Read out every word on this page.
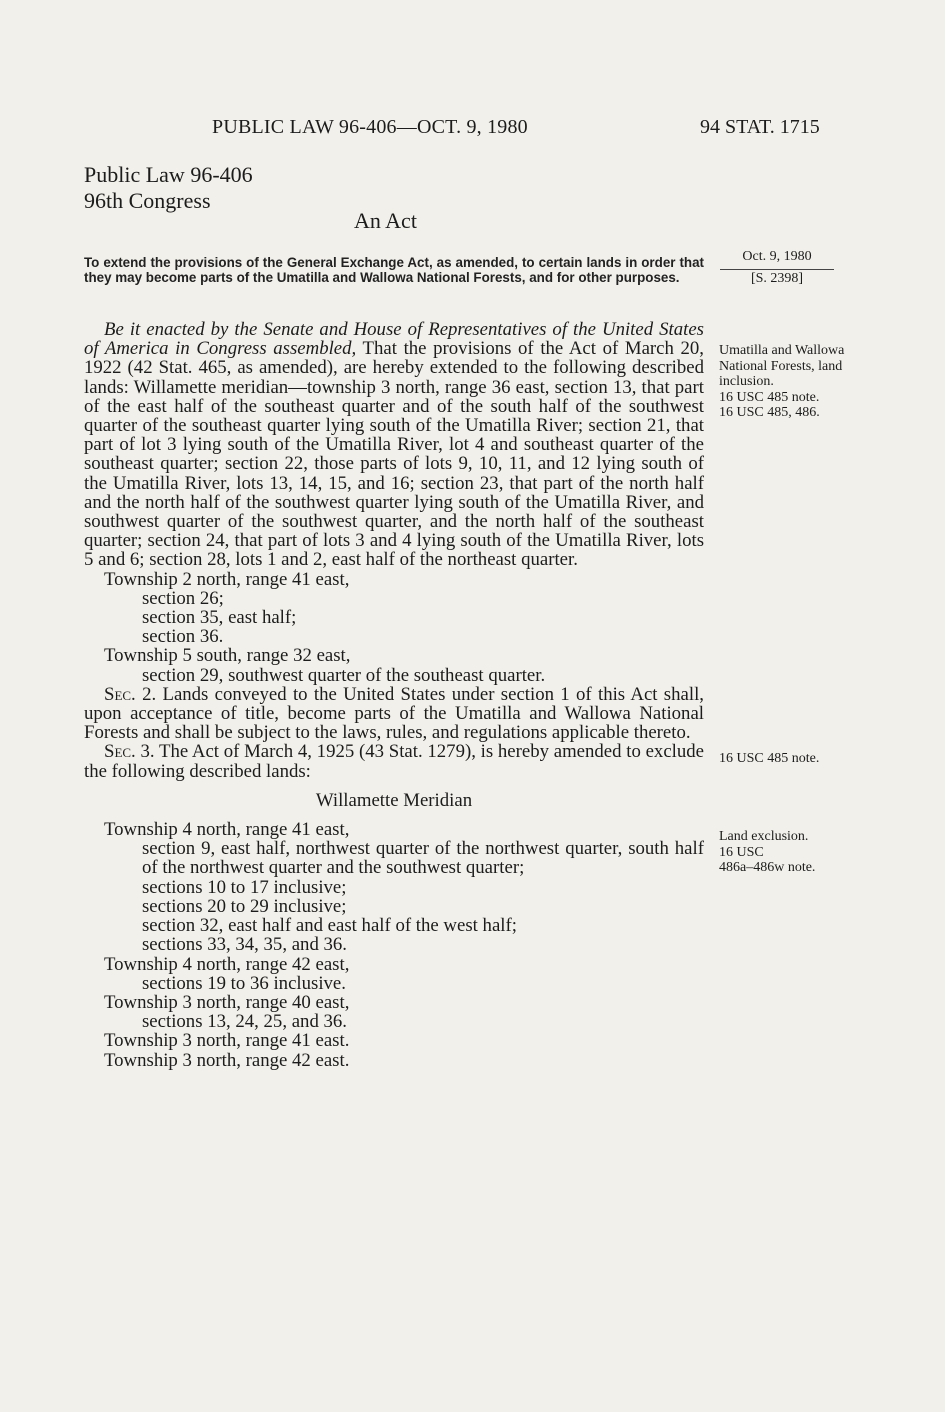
PUBLIC LAW 96-406—OCT. 9, 1980	94 STAT. 1715
Public Law 96-406
96th Congress
An Act
To extend the provisions of the General Exchange Act, as amended, to certain lands in order that they may become parts of the Umatilla and Wallowa National Forests, and for other purposes.
Oct. 9, 1980
[S. 2398]
Umatilla and Wallowa National Forests, land inclusion.
16 USC 485 note.
16 USC 485, 486.
16 USC 485 note.
Land exclusion.
16 USC
486a–486w note.

Be it enacted by the Senate and House of Representatives of the United States of America in Congress assembled, That the provisions of the Act of March 20, 1922 (42 Stat. 465, as amended), are hereby extended to the following described lands: Willamette meridian—township 3 north, range 36 east, section 13, that part of the east half of the southeast quarter and of the south half of the southwest quarter of the southeast quarter lying south of the Umatilla River; section 21, that part of lot 3 lying south of the Umatilla River, lot 4 and southeast quarter of the southeast quarter; section 22, those parts of lots 9, 10, 11, and 12 lying south of the Umatilla River, lots 13, 14, 15, and 16; section 23, that part of the north half and the north half of the southwest quarter lying south of the Umatilla River, and southwest quarter of the southwest quarter, and the north half of the southeast quarter; section 24, that part of lots 3 and 4 lying south of the Umatilla River, lots 5 and 6; section 28, lots 1 and 2, east half of the northeast quarter.

Township 2 north, range 41 east,

section 26;

section 35, east half;

section 36.

Township 5 south, range 32 east,

section 29, southwest quarter of the southeast quarter.

Sec. 2. Lands conveyed to the United States under section 1 of this Act shall, upon acceptance of title, become parts of the Umatilla and Wallowa National Forests and shall be subject to the laws, rules, and regulations applicable thereto.

Sec. 3. The Act of March 4, 1925 (43 Stat. 1279), is hereby amended to exclude the following described lands:

Willamette Meridian

Township 4 north, range 41 east,

section 9, east half, northwest quarter of the northwest quarter, south half of the northwest quarter and the southwest quarter;

sections 10 to 17 inclusive;

sections 20 to 29 inclusive;

section 32, east half and east half of the west half;

sections 33, 34, 35, and 36.

Township 4 north, range 42 east,

sections 19 to 36 inclusive.

Township 3 north, range 40 east,

sections 13, 24, 25, and 36.

Township 3 north, range 41 east.

Township 3 north, range 42 east.
